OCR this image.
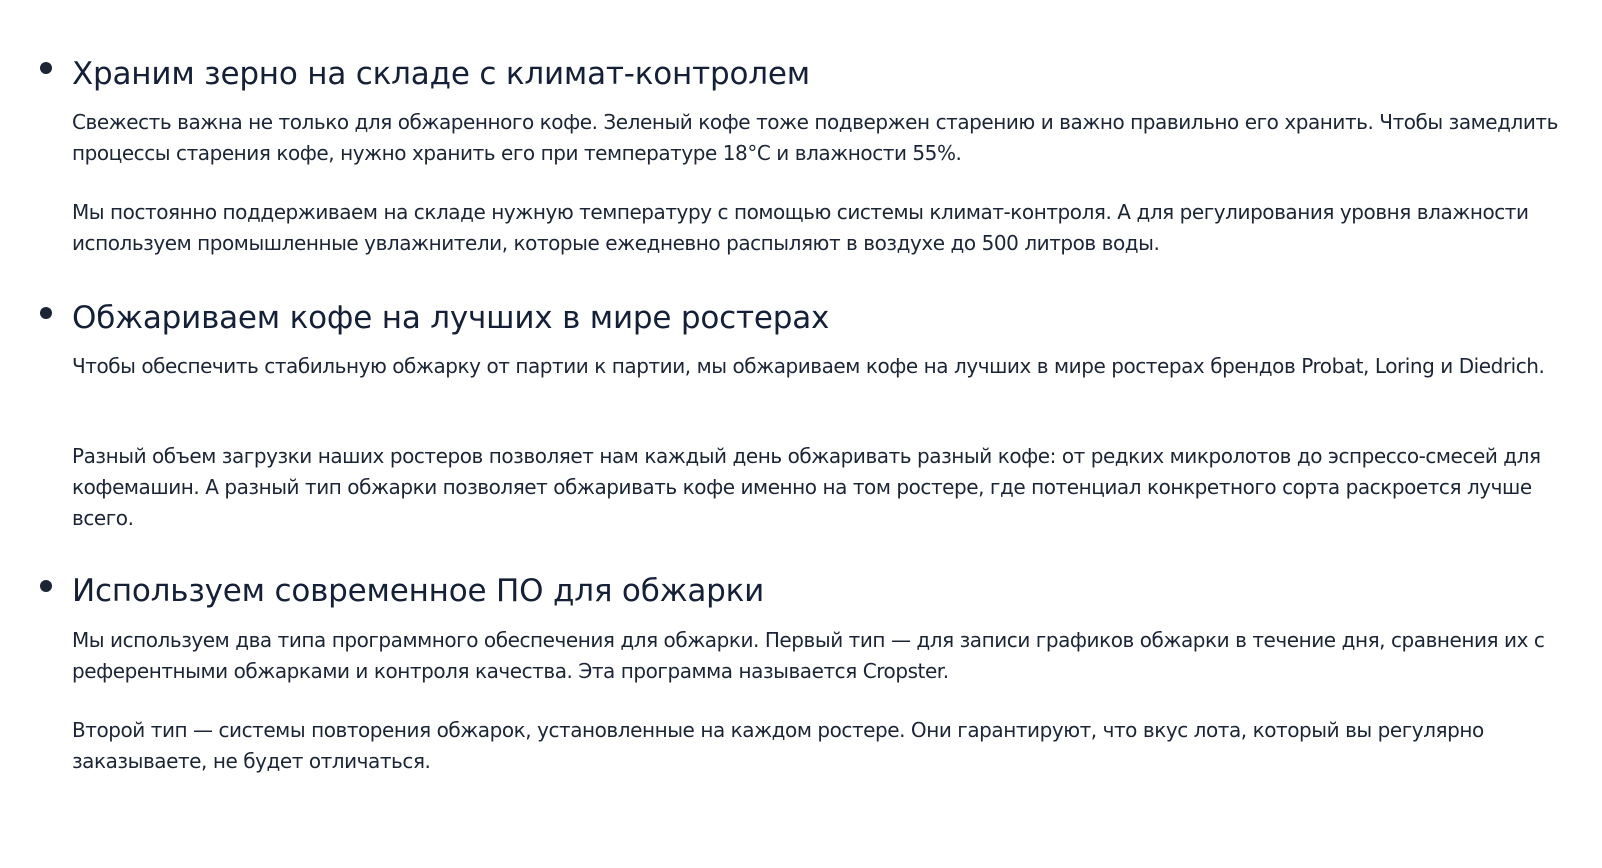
Храним зерно на складе с климат-контролем

Свежесть важна не только для обжаренного кофе. Зеленый кофе тоже подвержен старению и важно правильно его хранить. Чтобы замедлить процессы старения кофе, нужно хранить его при температуре 18°C и влажности 55%.

Мы постоянно поддерживаем на складе нужную температуру с помощью системы климат-контроля. А для регулирования уровня влажности используем промышленные увлажнители, которые ежедневно распыляют в воздухе до 500 литров воды.

Обжариваем кофе на лучших в мире ростерах

Чтобы обеспечить стабильную обжарку от партии к партии, мы обжариваем кофе на лучших в мире ростерах брендов Probat, Loring и Diedrich.

Разный объем загрузки наших ростеров позволяет нам каждый день обжаривать разный кофе: от редких микролотов до эспрессо-смесей для кофемашин. А разный тип обжарки позволяет обжаривать кофе именно на том ростере, где потенциал конкретного сорта раскроется лучше всего.

Используем современное ПО для обжарки

Мы используем два типа программного обеспечения для обжарки. Первый тип — для записи графиков обжарки в течение дня, сравнения их с референтными обжарками и контроля качества. Эта программа называется Cropster.

Второй тип — системы повторения обжарок, установленные на каждом ростере. Они гарантируют, что вкус лота, который вы регулярно заказываете, не будет отличаться.
